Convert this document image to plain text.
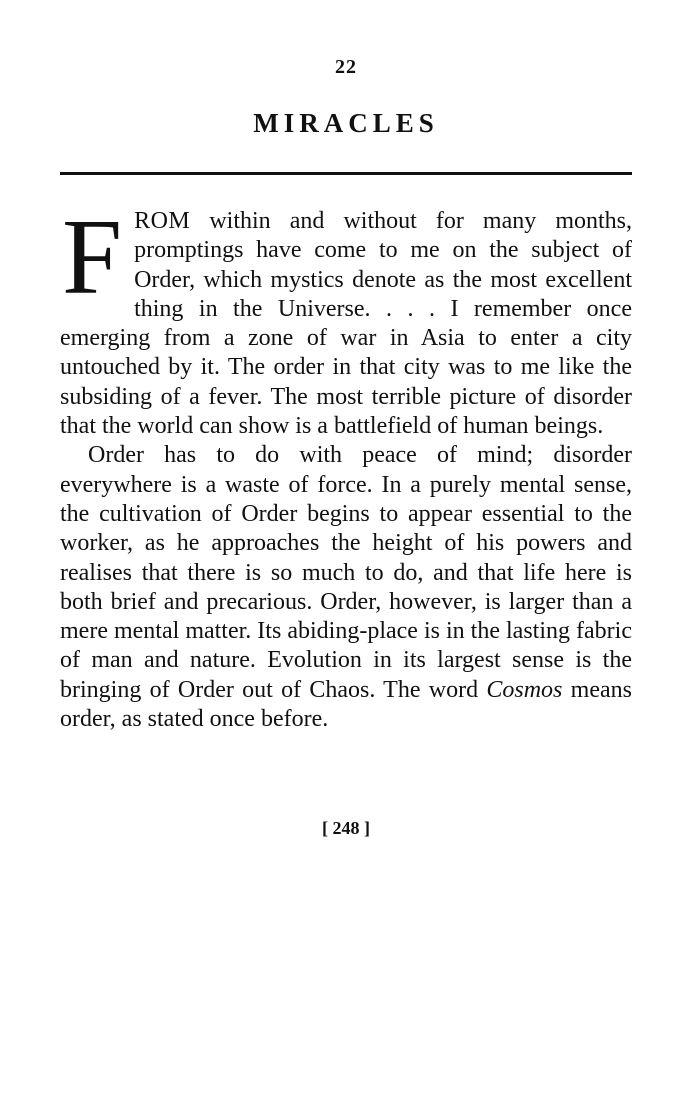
22
MIRACLES

FROM within and without for many months, promptings have come to me on the subject of Order, which mystics denote as the most excellent thing in the Universe. . . . I remember once emerging from a zone of war in Asia to enter a city untouched by it. The order in that city was to me like the subsiding of a fever. The most terrible picture of disorder that the world can show is a battlefield of human beings.

Order has to do with peace of mind; disorder everywhere is a waste of force. In a purely mental sense, the cultivation of Order begins to appear essential to the worker, as he approaches the height of his powers and realises that there is so much to do, and that life here is both brief and precarious. Order, however, is larger than a mere mental matter. Its abiding-place is in the lasting fabric of man and nature. Evolution in its largest sense is the bringing of Order out of Chaos. The word Cosmos means order, as stated once before.

[ 248 ]
